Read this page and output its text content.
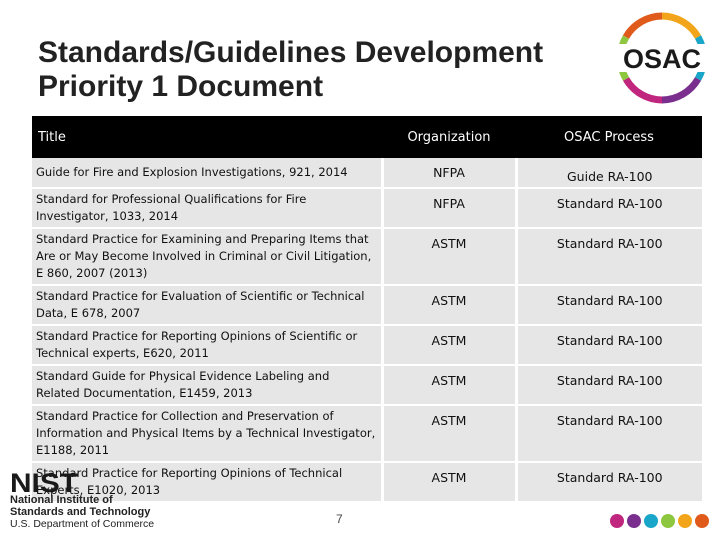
Standards/Guidelines Development
Priority 1 Document
OSAC
Title	Organization	OSAC Process
Guide for Fire and Explosion Investigations, 921, 2014	NFPA	Guide RA-100
Standard for Professional Qualifications for Fire Investigator, 1033, 2014	NFPA	Standard RA-100
Standard Practice for Examining and Preparing Items that Are or May Become Involved in Criminal or Civil Litigation, E 860, 2007 (2013)	ASTM	Standard RA-100
Standard Practice for Evaluation of Scientific or Technical Data, E 678, 2007	ASTM	Standard RA-100
Standard Practice for Reporting Opinions of Scientific or Technical experts, E620, 2011	ASTM	Standard RA-100
Standard Guide for Physical Evidence Labeling and Related Documentation, E1459, 2013	ASTM	Standard RA-100
Standard Practice for Collection and Preservation of Information and Physical Items by a Technical Investigator, E1188, 2011	ASTM	Standard RA-100
Standard Practice for Reporting Opinions of Technical Experts, E1020, 2013	ASTM	Standard RA-100
NIST
National Institute of
Standards and Technology
U.S. Department of Commerce	7
